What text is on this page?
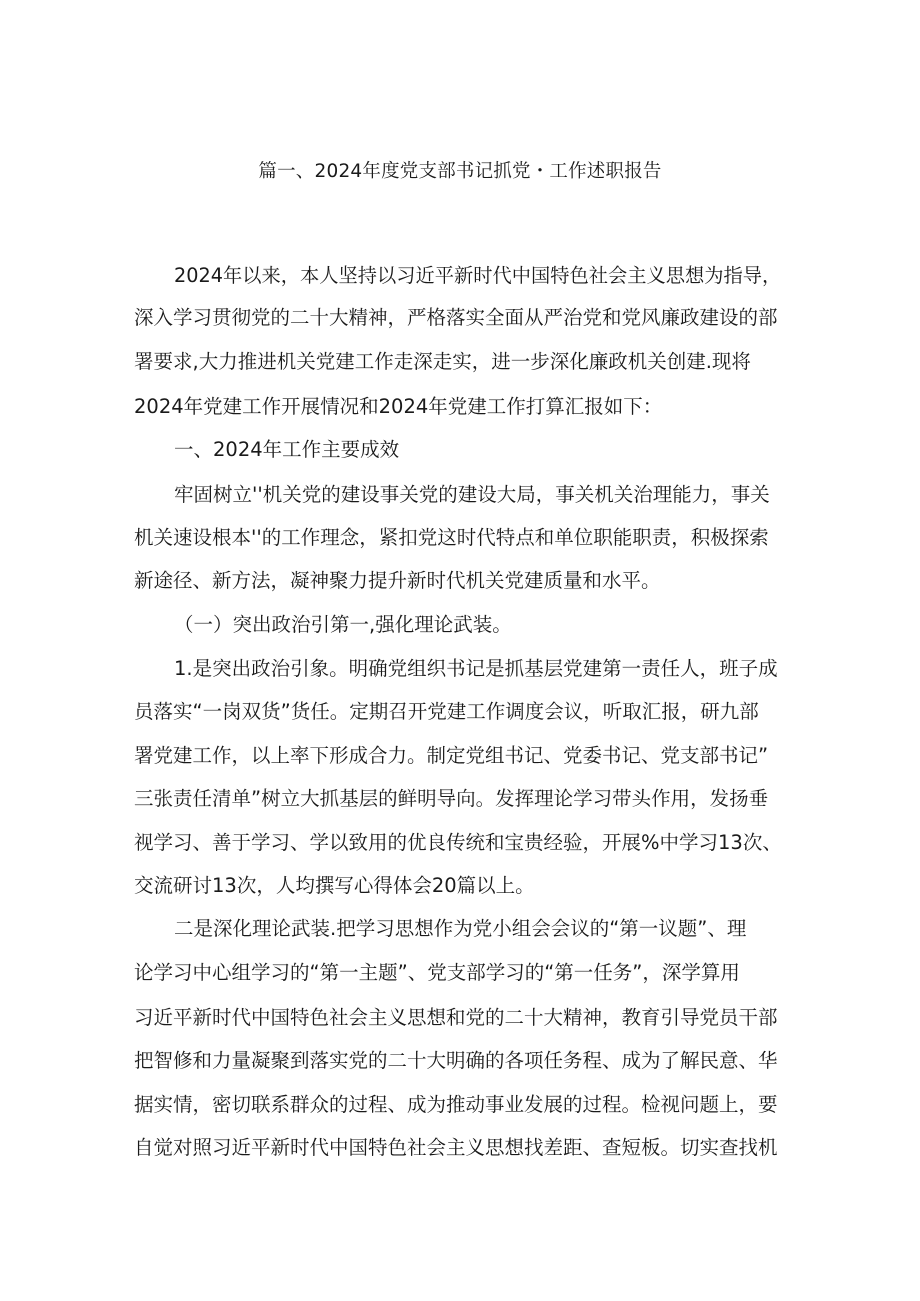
篇一、2024年度党支部书记抓党・工作述职报告
2024年以来，本人坚持以习近平新时代中国特色社会主义思想为指导，
深入学习贯彻党的二十大精神，严格落实全面从严治党和党风廉政建设的部
署要求,大力推进机关党建工作走深走实，进一步深化廉政机关创建.现将
2024年党建工作开展情况和2024年党建工作打算汇报如下：
一、2024年工作主要成效
牢固树立''机关党的建设事关党的建设大局，事关机关治理能力，事关
机关速设根本''的工作理念，紧扣党这时代特点和单位职能职责，积极探索
新途径、新方法，凝神聚力提升新时代机关党建质量和水平。
（一）突出政治引第一,强化理论武装。
1.是突出政治引象。明确党组织书记是抓基层党建第一责任人，班子成
员落实“一岗双货”货任。定期召开党建工作调度会议，听取汇报，研九部
署党建工作，以上率下形成合力。制定党组书记、党委书记、党支部书记”
三张责任清单”树立大抓基层的鲜明导向。发挥理论学习带头作用，发扬垂
视学习、善于学习、学以致用的优良传统和宝贵经验，开展%中学习13次、
交流研讨13次，人均撰写心得体会20篇以上。
二是深化理论武装.把学习思想作为党小组会会议的“第一议题”、理
论学习中心组学习的“第一主题”、党支部学习的“第一任务”，深学算用
习近平新时代中国特色社会主义思想和党的二十大精神，教育引导党员干部
把智修和力量凝聚到落实党的二十大明确的各项任务程、成为了解民意、华
据实情，密切联系群众的过程、成为推动事业发展的过程。检视问题上，要
自觉对照习近平新时代中国特色社会主义思想找差距、查短板。切实查找机
